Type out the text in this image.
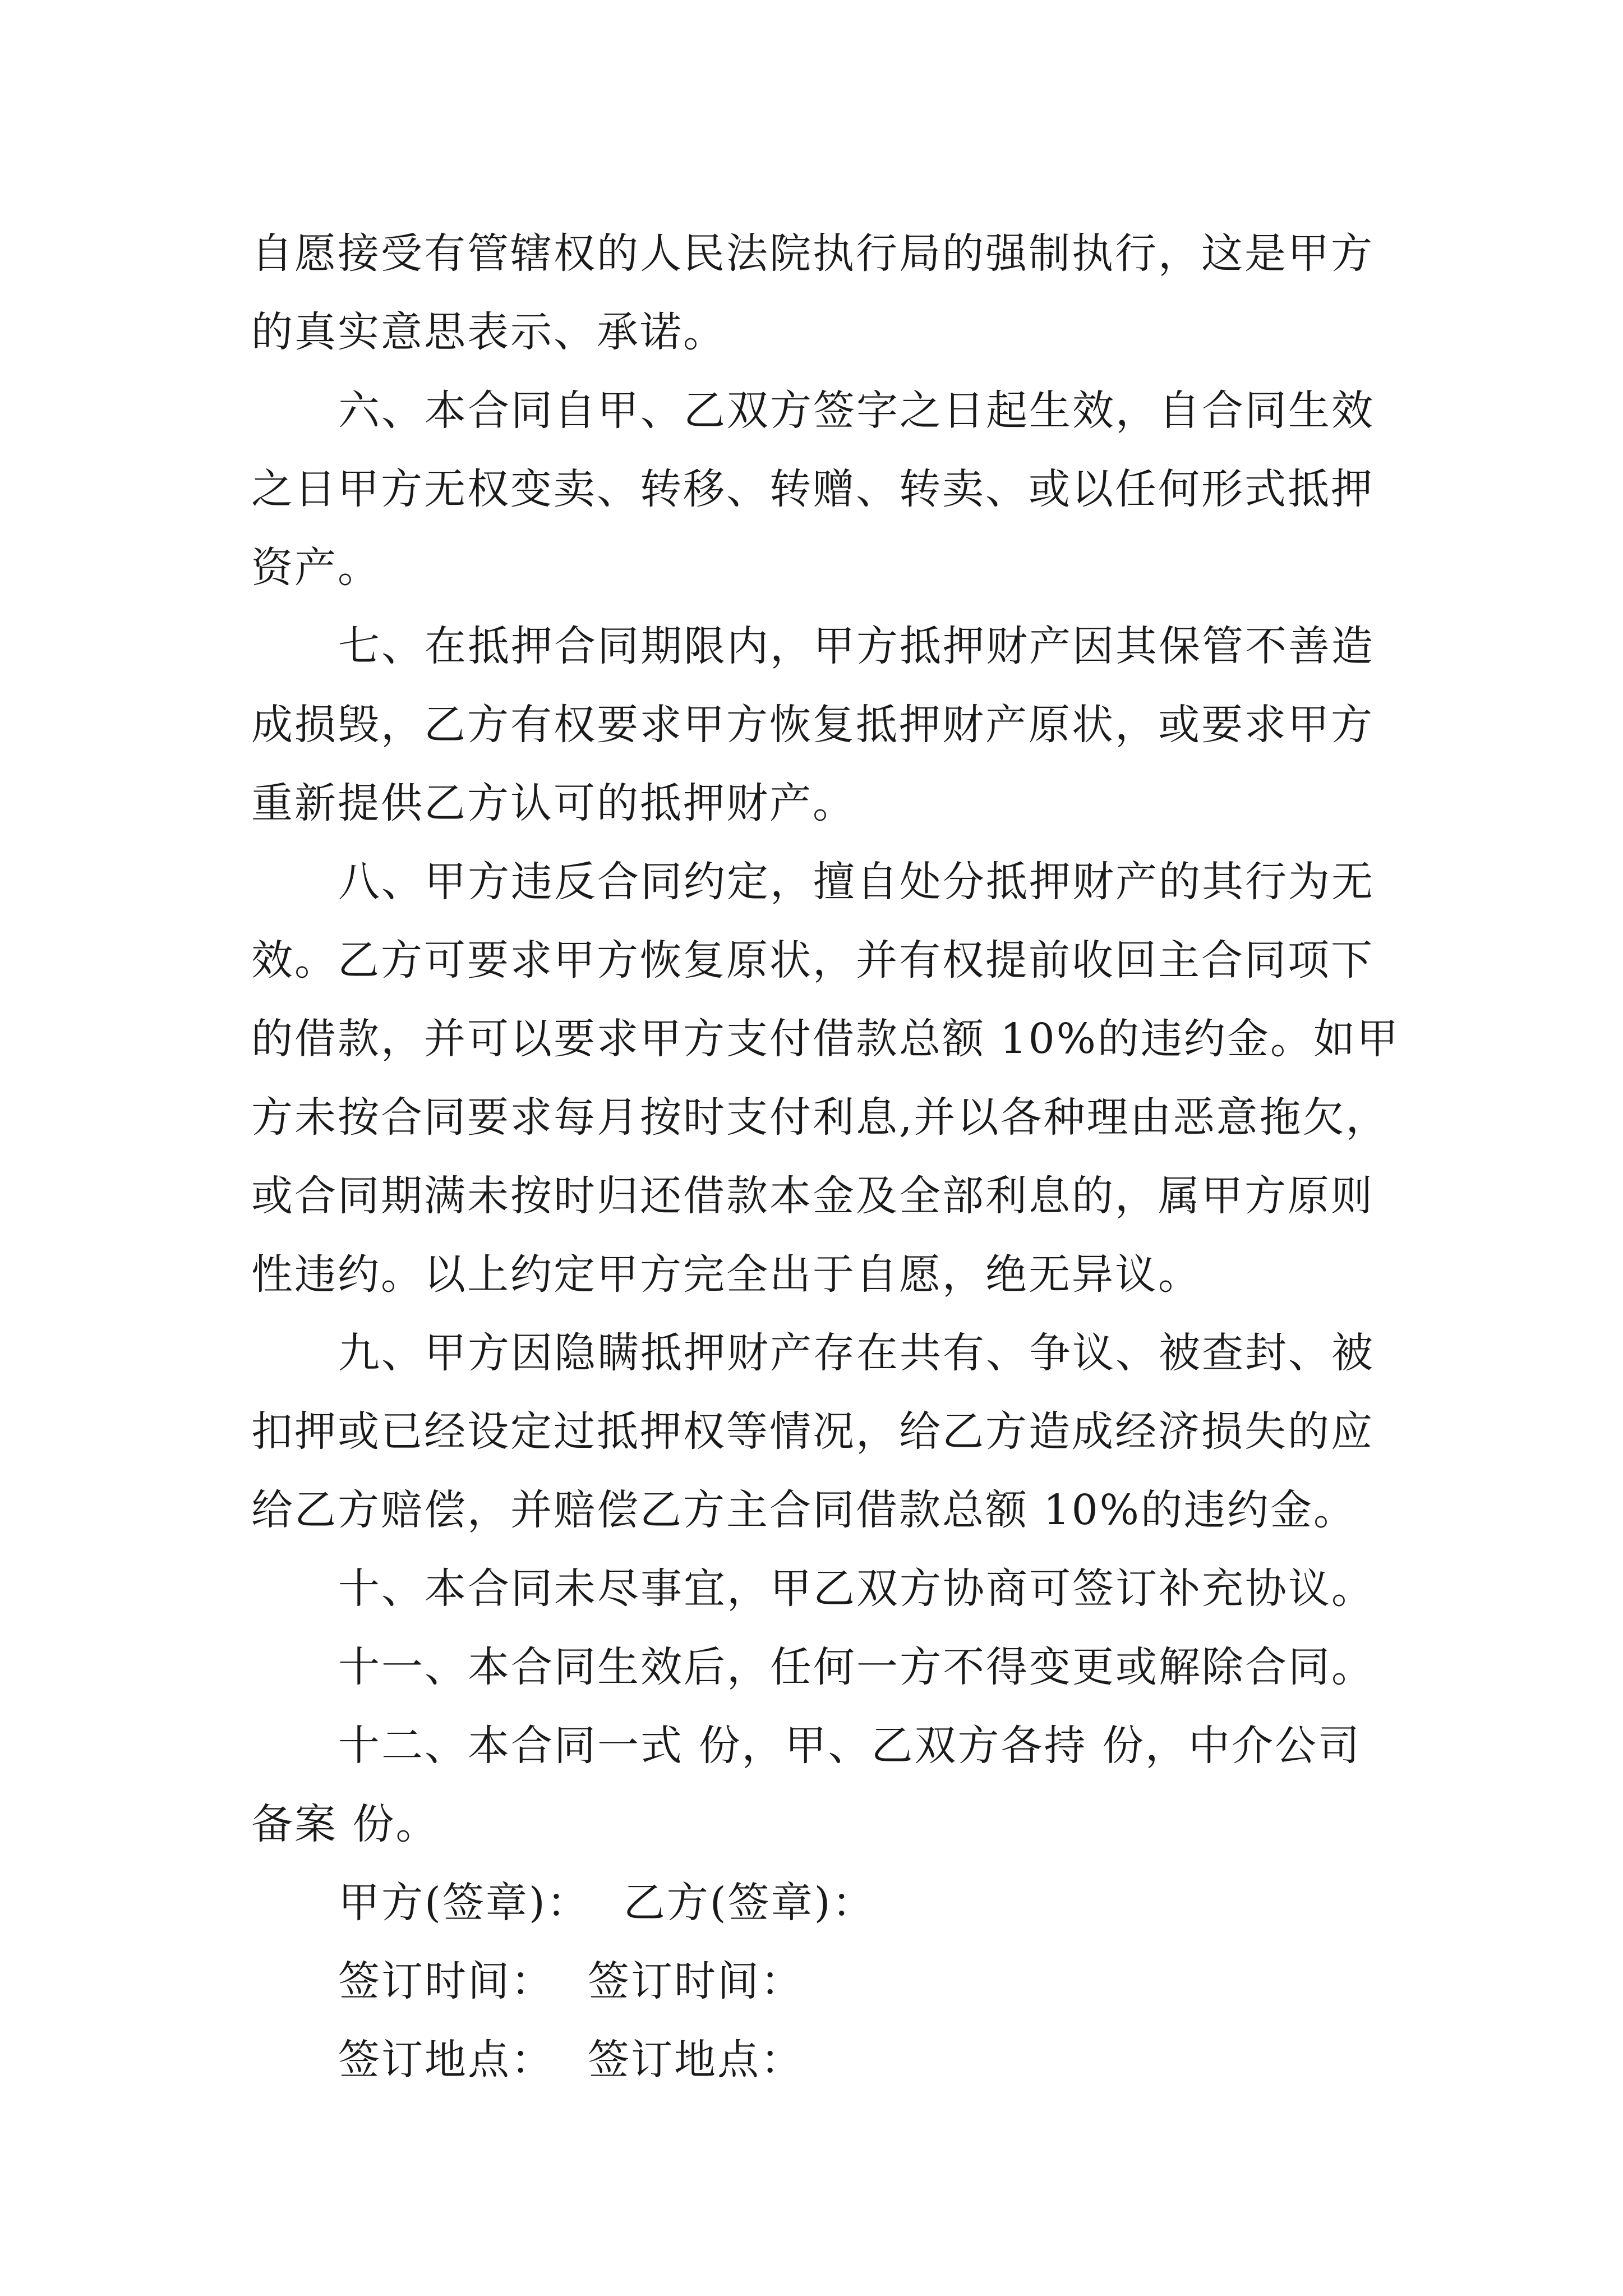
自愿接受有管辖权的人民法院执行局的强制执行，这是甲方
的真实意思表示、承诺。
六、本合同自甲、乙双方签字之日起生效，自合同生效
之日甲方无权变卖、转移、转赠、转卖、或以任何形式抵押
资产。
七、在抵押合同期限内，甲方抵押财产因其保管不善造
成损毁，乙方有权要求甲方恢复抵押财产原状，或要求甲方
重新提供乙方认可的抵押财产。
八、甲方违反合同约定，擅自处分抵押财产的其行为无
效。乙方可要求甲方恢复原状，并有权提前收回主合同项下
的借款，并可以要求甲方支付借款总额 10%的违约金。如甲
方未按合同要求每月按时支付利息,并以各种理由恶意拖欠，
或合同期满未按时归还借款本金及全部利息的，属甲方原则
性违约。以上约定甲方完全出于自愿，绝无异议。
九、甲方因隐瞒抵押财产存在共有、争议、被查封、被
扣押或已经设定过抵押权等情况，给乙方造成经济损失的应
给乙方赔偿，并赔偿乙方主合同借款总额 10%的违约金。
十、本合同未尽事宜，甲乙双方协商可签订补充协议。
十一、本合同生效后，任何一方不得变更或解除合同。
十二、本合同一式 份，甲、乙双方各持 份，中介公司
备案 份。
甲方(签章)： 乙方(签章)：
签订时间： 签订时间：
签订地点： 签订地点：
